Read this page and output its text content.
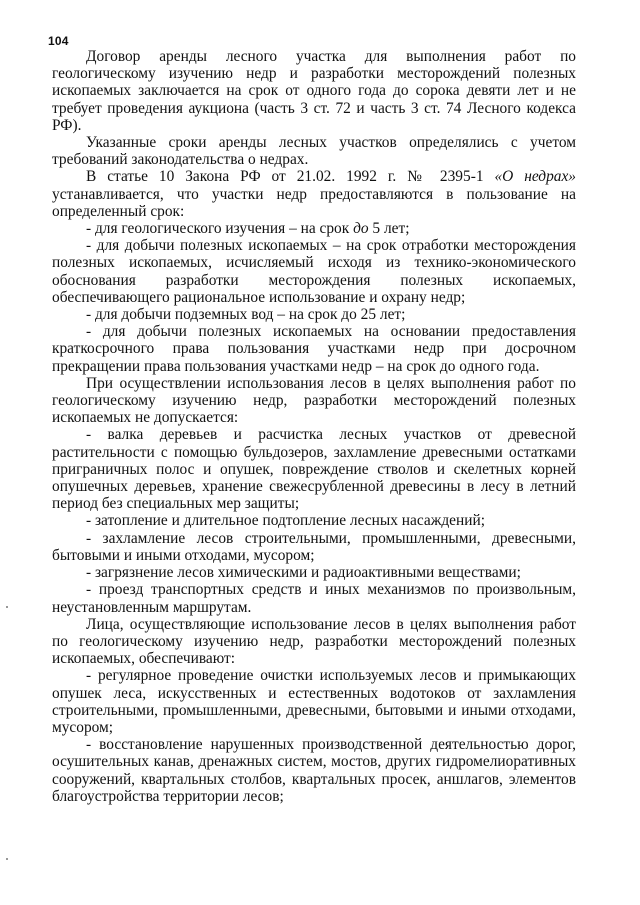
104

Договор аренды лесного участка для выполнения работ по геологическому изучению недр и разработки месторождений полезных ископаемых заключается на срок от одного года до сорока девяти лет и не требует проведения аукциона (часть 3 ст. 72 и часть 3 ст. 74 Лесного кодекса РФ).

Указанные сроки аренды лесных участков определялись с учетом требований законодательства о недрах.

В статье 10 Закона РФ от 21.02. 1992 г. № 2395-1 «О недрах» устанавливается, что участки недр предоставляются в пользование на определенный срок:

- для геологического изучения – на срок до 5 лет;

- для добычи полезных ископаемых – на срок отработки месторождения полезных ископаемых, исчисляемый исходя из технико-экономического обоснования разработки месторождения полезных ископаемых, обеспечивающего рациональное использование и охрану недр;

- для добычи подземных вод – на срок до 25 лет;

- для добычи полезных ископаемых на основании предоставления краткосрочного права пользования участками недр при досрочном прекращении права пользования участками недр – на срок до одного года.

При осуществлении использования лесов в целях выполнения работ по геологическому изучению недр, разработки месторождений полезных ископаемых не допускается:

- валка деревьев и расчистка лесных участков от древесной растительности с помощью бульдозеров, захламление древесными остатками приграничных полос и опушек, повреждение стволов и скелетных корней опушечных деревьев, хранение свежесрубленной древесины в лесу в летний период без специальных мер защиты;

- затопление и длительное подтопление лесных насаждений;

- захламление лесов строительными, промышленными, древесными, бытовыми и иными отходами, мусором;

- загрязнение лесов химическими и радиоактивными веществами;

- проезд транспортных средств и иных механизмов по произвольным, неустановленным маршрутам.

Лица, осуществляющие использование лесов в целях выполнения работ по геологическому изучению недр, разработки месторождений полезных ископаемых, обеспечивают:

- регулярное проведение очистки используемых лесов и примыкающих опушек леса, искусственных и естественных водотоков от захламления строительными, промышленными, древесными, бытовыми и иными отходами, мусором;

- восстановление нарушенных производственной деятельностью дорог, осушительных канав, дренажных систем, мостов, других гидромелиоративных сооружений, квартальных столбов, квартальных просек, аншлагов, элементов благоустройства территории лесов;
